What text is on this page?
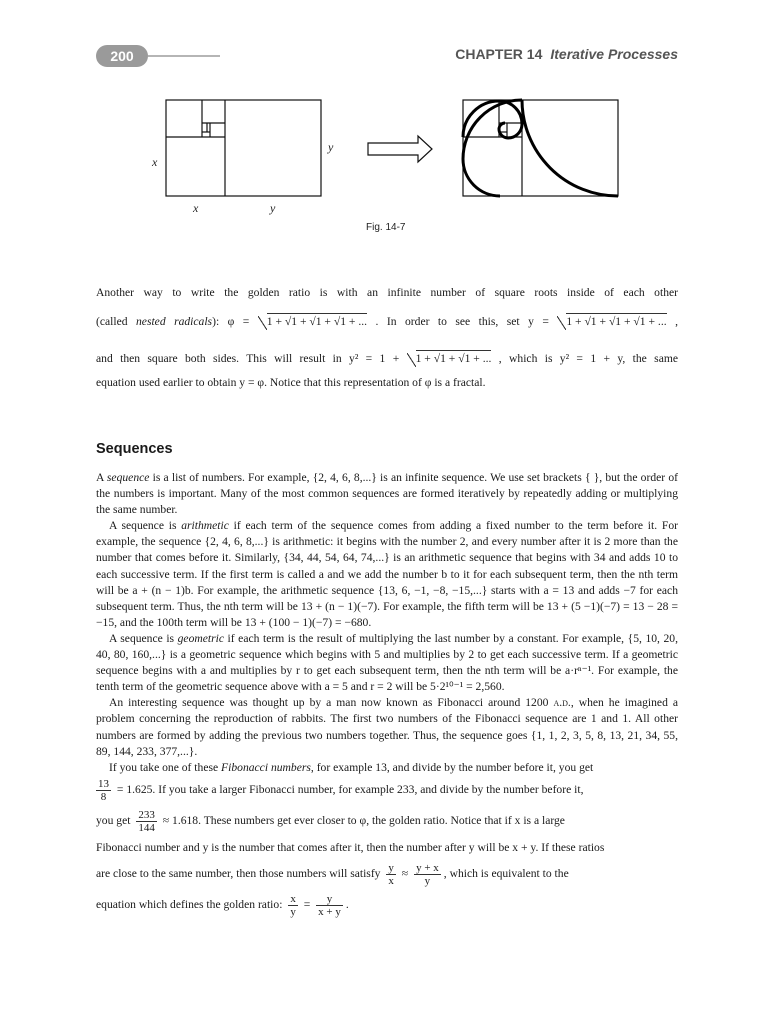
200	CHAPTER 14 Iterative Processes
x
x	y
y
Fig. 14-7
Another way to write the golden ratio is with an infinite number of square roots inside of each other
(called nested radicals): φ = 1 + √1 + √1 + √1 + ... . In order to see this, set y = 1 + √1 + √1 + √1 + ... ,
and then square both sides. This will result in y² = 1 + 1 + √1 + √1 + ... , which is y² = 1 + y, the same
equation used earlier to obtain y = φ. Notice that this representation of φ is a fractal.
Sequences
A sequence is a list of numbers. For example, {2, 4, 6, 8,...} is an infinite sequence. We use set brackets { }, but the order of the numbers is important. Many of the most common sequences are formed iteratively by repeatedly adding or multiplying the same number.
A sequence is arithmetic if each term of the sequence comes from adding a fixed number to the term before it. For example, the sequence {2, 4, 6, 8,...} is arithmetic: it begins with the number 2, and every number after it is 2 more than the number that comes before it. Similarly, {34, 44, 54, 64, 74,...} is an arithmetic sequence that begins with 34 and adds 10 to each successive term. If the first term is called a and we add the number b to it for each subsequent term, then the nth term will be a + (n − 1)b. For example, the arithmetic sequence {13, 6, −1, −8, −15,...} starts with a = 13 and adds −7 for each subsequent term. Thus, the nth term will be 13 + (n − 1)(−7). For example, the fifth term will be 13 + (5 −1)(−7) = 13 − 28 = −15, and the 100th term will be 13 + (100 − 1)(−7) = −680.
A sequence is geometric if each term is the result of multiplying the last number by a constant. For example, {5, 10, 20, 40, 80, 160,...} is a geometric sequence which begins with 5 and multiplies by 2 to get each successive term. If a geometric sequence begins with a and multiplies by r to get each subsequent term, then the nth term will be a·rⁿ⁻¹. For example, the tenth term of the geometric sequence above with a = 5 and r = 2 will be 5·2¹⁰⁻¹ = 2,560.
An interesting sequence was thought up by a man now known as Fibonacci around 1200 a.d., when he imagined a problem concerning the reproduction of rabbits. The first two numbers of the Fibonacci sequence are 1 and 1. All other numbers are formed by adding the previous two numbers together. Thus, the sequence goes {1, 1, 2, 3, 5, 8, 13, 21, 34, 55, 89, 144, 233, 377,...}.
If you take one of these Fibonacci numbers, for example 13, and divide by the number before it, you get
$\frac{13}{8} = 1.625$. If you take a larger Fibonacci number, for example 233, and divide by the number before it,
you get $\frac{233}{144} \approx 1.618$. These numbers get ever closer to φ, the golden ratio. Notice that if x is a large
Fibonacci number and y is the number that comes after it, then the number after y will be x + y. If these ratios
are close to the same number, then those numbers will satisfy $\frac{y}{x} \approx \frac{y + x}{y}$ , which is equivalent to the
equation which defines the golden ratio: $\frac{x}{y} = \frac{y}{x + y}$ .
